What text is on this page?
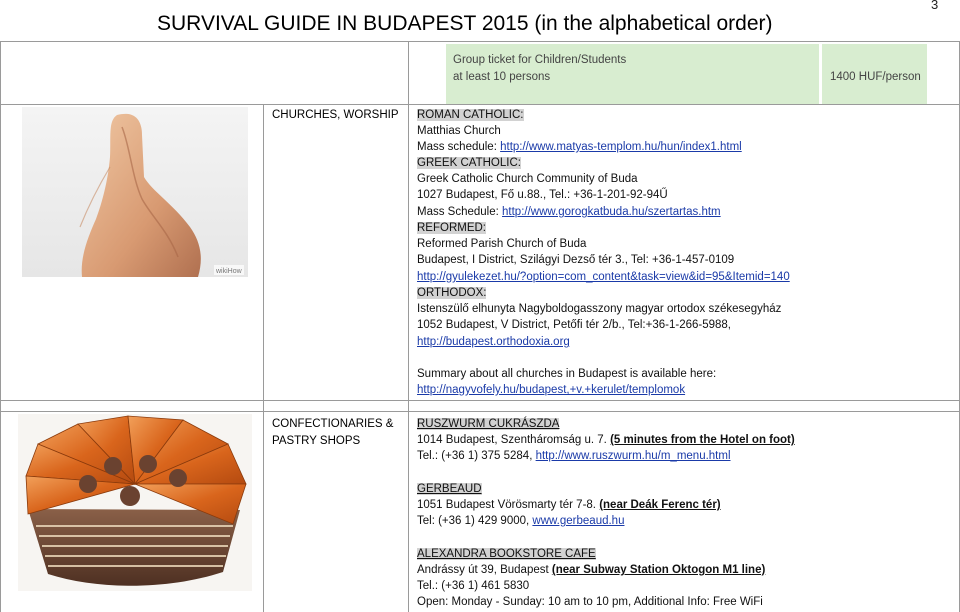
3
SURVIVAL GUIDE IN BUDAPEST 2015 (in the alphabetical order)
Group ticket for Children/Students
at least 10 persons	1400 HUF/person
wikiHow
CHURCHES, WORSHIP ROMAN CATHOLIC:
Matthias Church
Mass schedule: http://www.matyas-templom.hu/hun/index1.html
GREEK CATHOLIC:
Greek Catholic Church Community of Buda
1027 Budapest, Fő u.88., Tel.: +36-1-201-92-94Ű
Mass Schedule: http://www.gorogkatbuda.hu/szertartas.htm
REFORMED:
Reformed Parish Church of Buda
Budapest, I District, Szilágyi Dezső tér 3., Tel: +36-1-457-0109
http://gyulekezet.hu/?option=com_content&task=view&id=95&Itemid=140
ORTHODOX:
Istenszülő elhunyta Nagyboldogasszony magyar ortodox székesegyház
1052 Budapest, V District, Petőfi tér 2/b., Tel:+36-1-266-5988,
http://budapest.orthodoxia.org
Summary about all churches in Budapest is available here:
http://nagyvofely.hu/budapest,+v.+kerulet/templomok
CONFECTIONARIES &
PASTRY SHOPS
RUSZWURM CUKRÁSZDA
1014 Budapest, Szentháromság u. 7. (5 minutes from the Hotel on foot)
Tel.: (+36 1) 375 5284, http://www.ruszwurm.hu/m_menu.html
GERBEAUD
1051 Budapest Vörösmarty tér 7-8. (near Deák Ferenc tér)
Tel: (+36 1) 429 9000, www.gerbeaud.hu
ALEXANDRA BOOKSTORE CAFE
Andrássy út 39, Budapest (near Subway Station Oktogon M1 line)
Tel.: (+36 1) 461 5830
Open: Monday - Sunday: 10 am to 10 pm, Additional Info: Free WiFi
